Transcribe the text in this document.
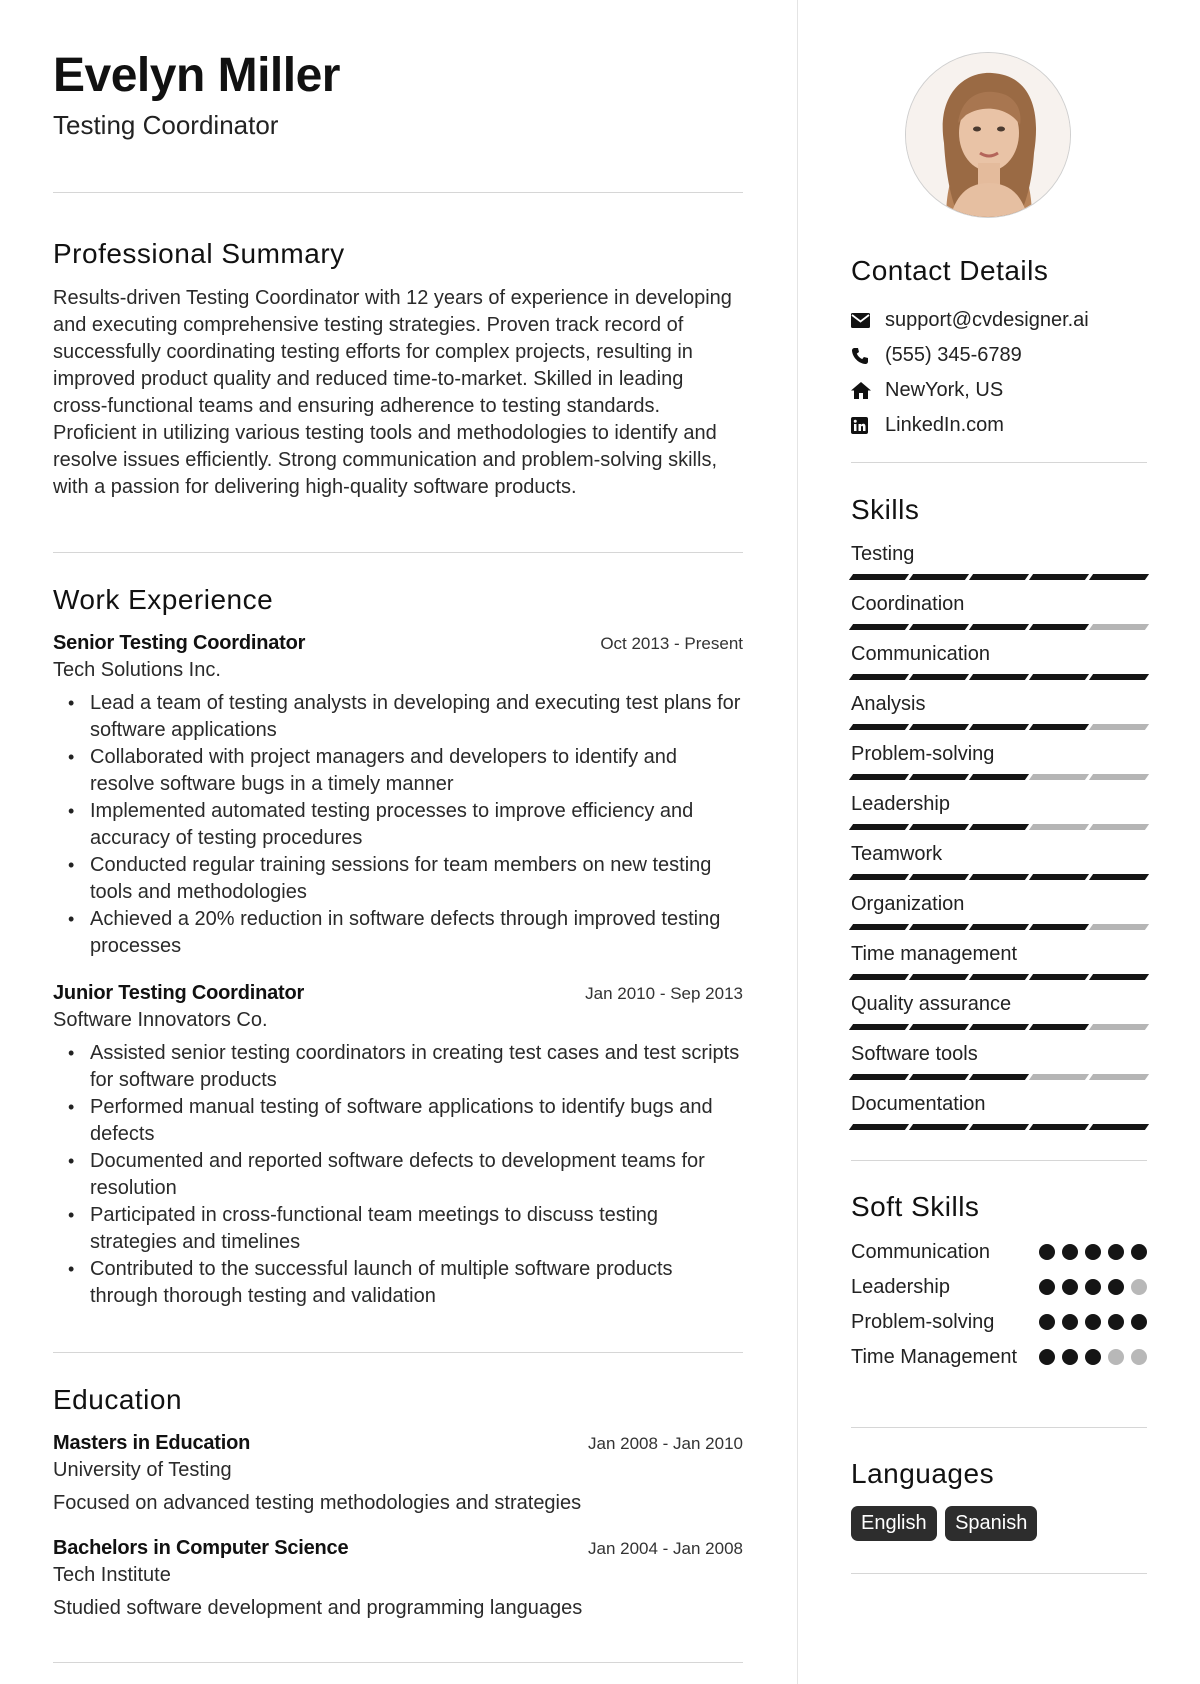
Evelyn Miller
Testing Coordinator
Professional Summary
Results-driven Testing Coordinator with 12 years of experience in developing and executing comprehensive testing strategies. Proven track record of successfully coordinating testing efforts for complex projects, resulting in improved product quality and reduced time-to-market. Skilled in leading cross-functional teams and ensuring adherence to testing standards. Proficient in utilizing various testing tools and methodologies to identify and resolve issues efficiently. Strong communication and problem-solving skills, with a passion for delivering high-quality software products.
Work Experience
Senior Testing Coordinator	Oct 2013 - Present
Tech Solutions Inc.
• Lead a team of testing analysts in developing and executing test plans for software applications
• Collaborated with project managers and developers to identify and resolve software bugs in a timely manner
• Implemented automated testing processes to improve efficiency and accuracy of testing procedures
• Conducted regular training sessions for team members on new testing tools and methodologies
• Achieved a 20% reduction in software defects through improved testing processes
Junior Testing Coordinator	Jan 2010 - Sep 2013
Software Innovators Co.
• Assisted senior testing coordinators in creating test cases and test scripts for software products
• Performed manual testing of software applications to identify bugs and defects
• Documented and reported software defects to development teams for resolution
• Participated in cross-functional team meetings to discuss testing strategies and timelines
• Contributed to the successful launch of multiple software products through thorough testing and validation
Education
Masters in Education	Jan 2008 - Jan 2010
University of Testing
Focused on advanced testing methodologies and strategies
Bachelors in Computer Science	Jan 2004 - Jan 2008
Tech Institute
Studied software development and programming languages
Contact Details
support@cvdesigner.ai
(555) 345-6789
NewYork, US
LinkedIn.com
Skills
Testing
Coordination
Communication
Analysis
Problem-solving
Leadership
Teamwork
Organization
Time management
Quality assurance
Software tools
Documentation
Soft Skills
Communication
Leadership
Problem-solving
Time Management
Languages
English Spanish
